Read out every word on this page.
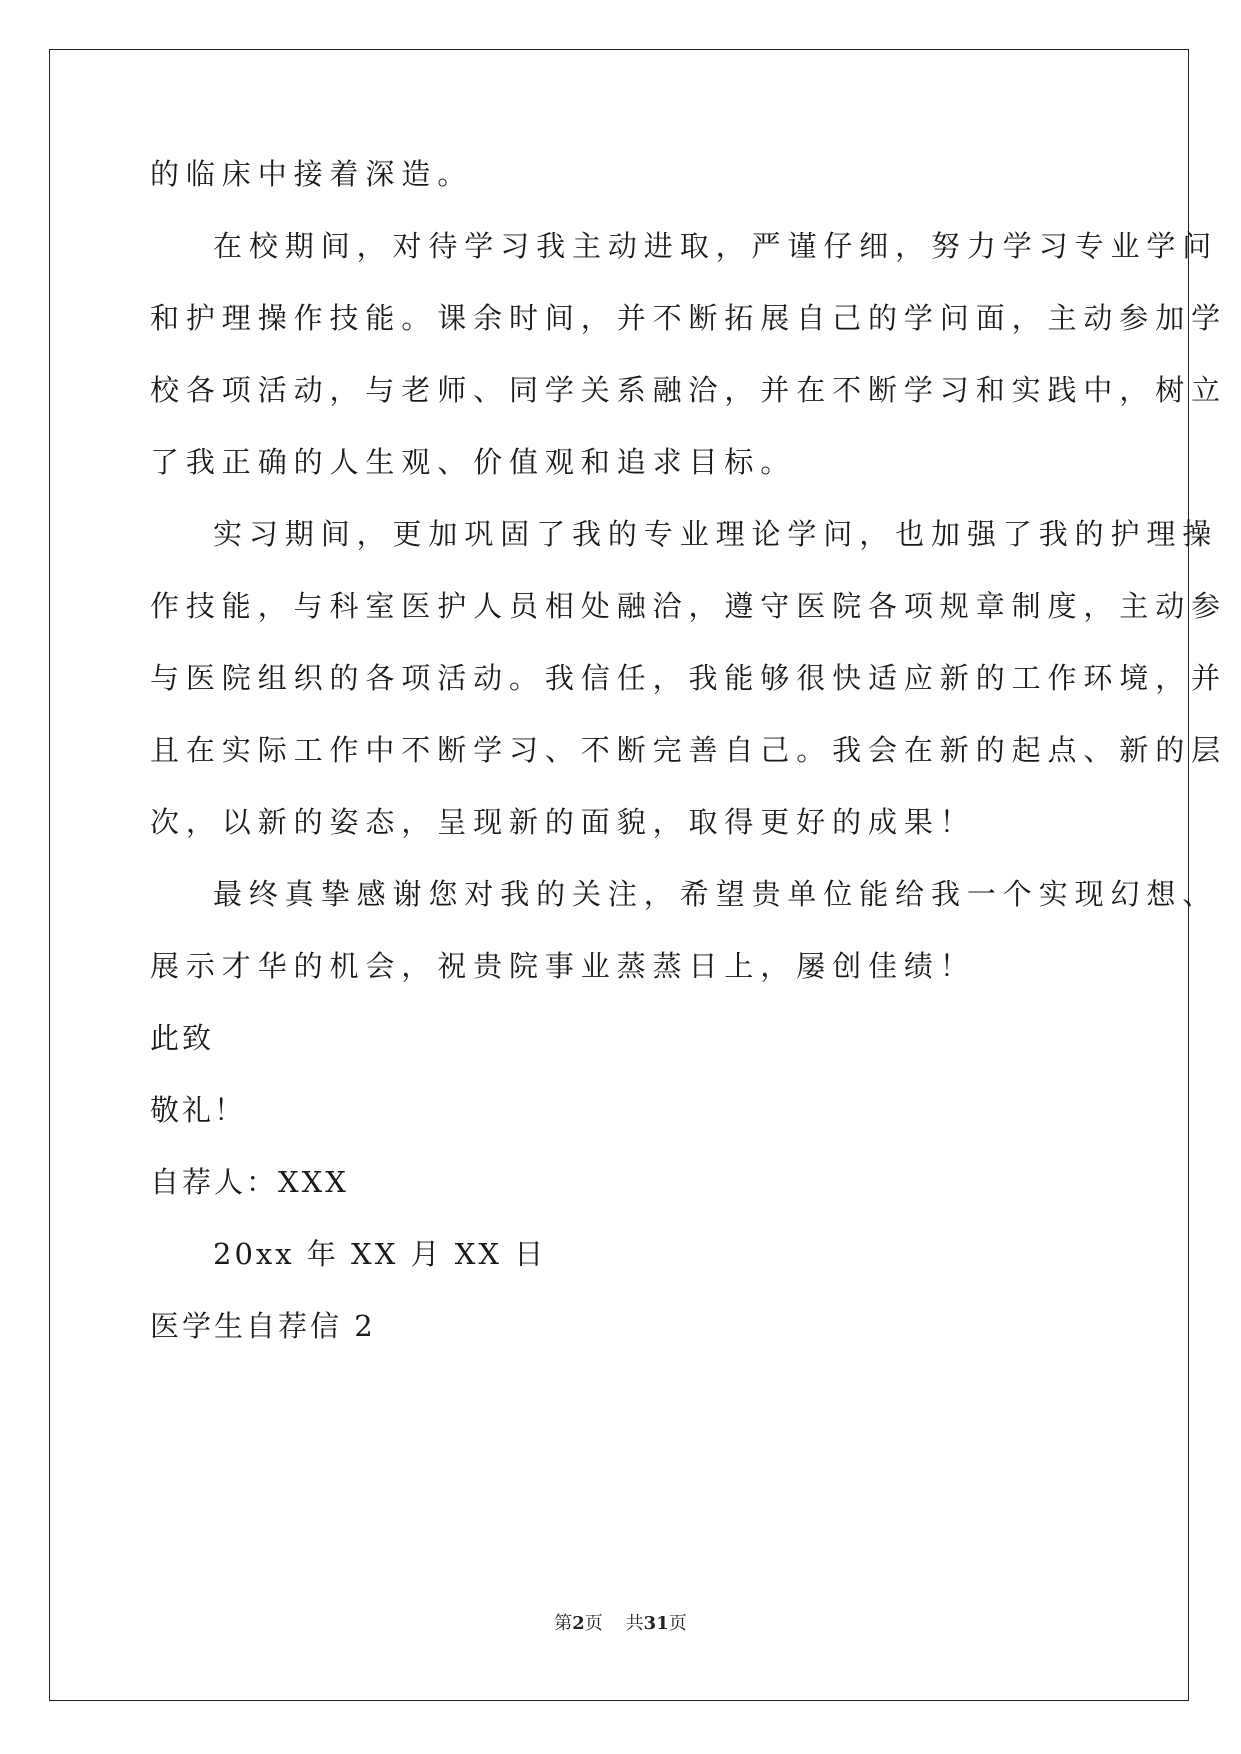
的临床中接着深造。
在校期间，对待学习我主动进取，严谨仔细，努力学习专业学问
和护理操作技能。课余时间，并不断拓展自己的学问面，主动参加学
校各项活动，与老师、同学关系融洽，并在不断学习和实践中，树立
了我正确的人生观、价值观和追求目标。
实习期间，更加巩固了我的专业理论学问，也加强了我的护理操
作技能，与科室医护人员相处融洽，遵守医院各项规章制度，主动参
与医院组织的各项活动。我信任，我能够很快适应新的工作环境，并
且在实际工作中不断学习、不断完善自己。我会在新的起点、新的层
次，以新的姿态，呈现新的面貌，取得更好的成果！
最终真挚感谢您对我的关注，希望贵单位能给我一个实现幻想、
展示才华的机会，祝贵院事业蒸蒸日上，屡创佳绩！
此致
敬礼！
自荐人：XXX
20xx 年 XX 月 XX 日
医学生自荐信 2
第2页 共31页
